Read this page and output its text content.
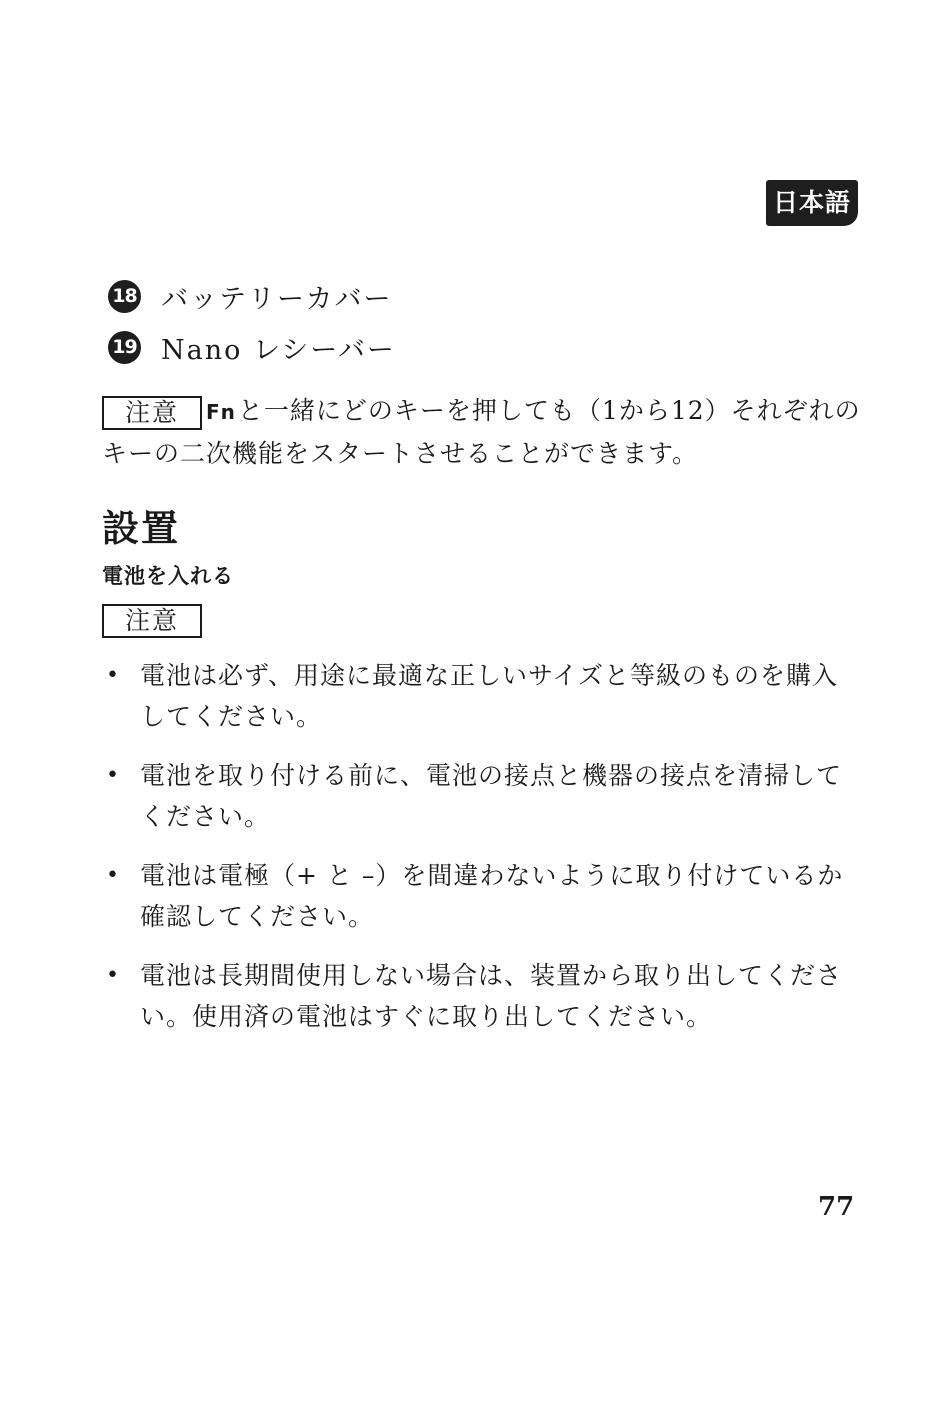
日本語
18 バッテリーカバー
19 Nano レシーバー
注意 Fnと一緒にどのキーを押しても（1から12）それぞれのキーの二次機能をスタートさせることができます。
設置
電池を入れる
注意
• 電池は必ず、用途に最適な正しいサイズと等級のものを購入してください。
• 電池を取り付ける前に、電池の接点と機器の接点を清掃してください。
• 電池は電極（+ と –）を間違わないように取り付けているか確認してください。
• 電池は長期間使用しない場合は、装置から取り出してください。使用済の電池はすぐに取り出してください。
77
